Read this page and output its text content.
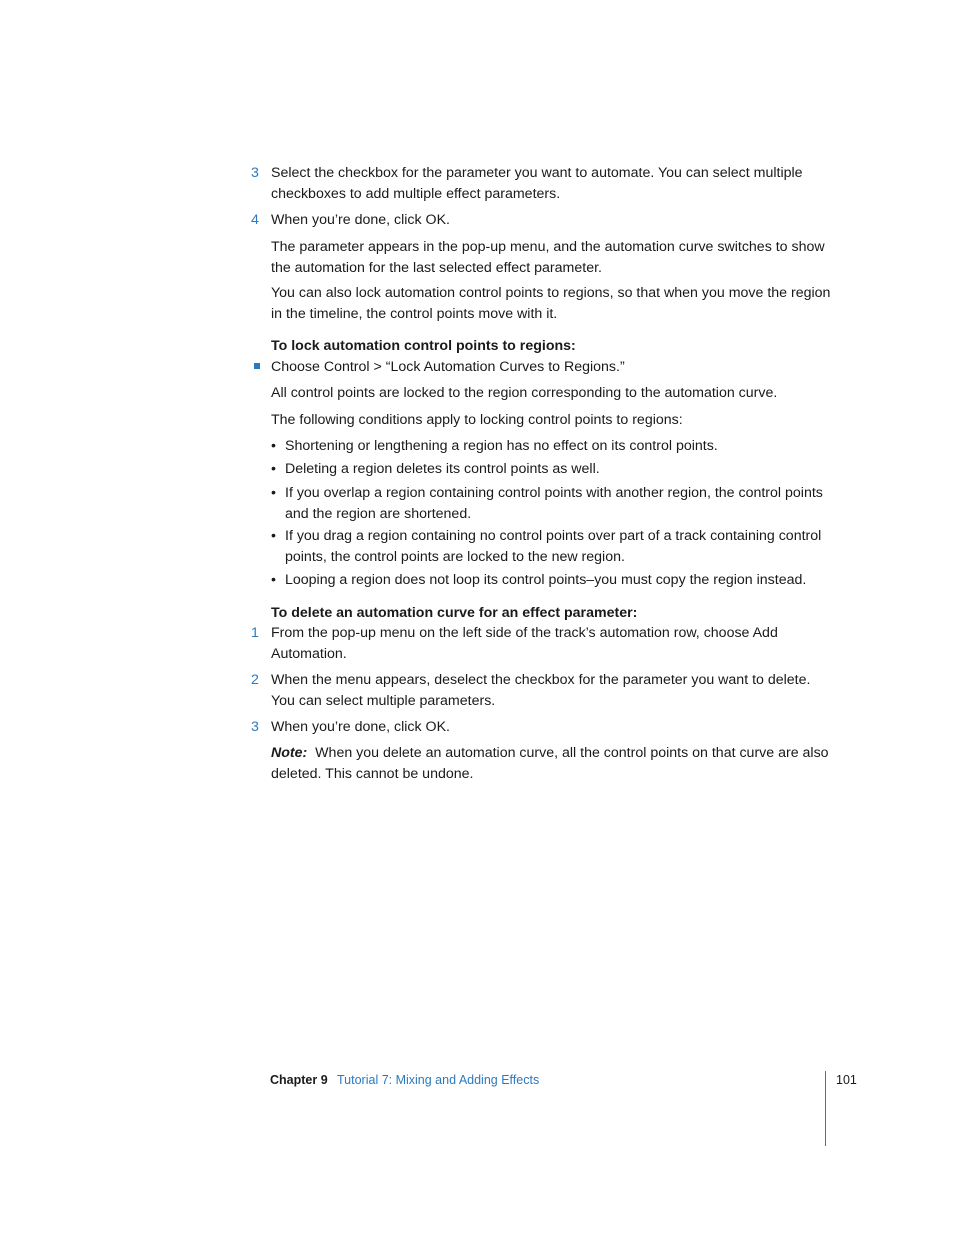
3 Select the checkbox for the parameter you want to automate. You can select multiple checkboxes to add multiple effect parameters.
4 When you’re done, click OK.
The parameter appears in the pop-up menu, and the automation curve switches to show the automation for the last selected effect parameter.
You can also lock automation control points to regions, so that when you move the region in the timeline, the control points move with it.
To lock automation control points to regions:
Choose Control > “Lock Automation Curves to Regions.”
All control points are locked to the region corresponding to the automation curve.
The following conditions apply to locking control points to regions:
• Shortening or lengthening a region has no effect on its control points.
• Deleting a region deletes its control points as well.
• If you overlap a region containing control points with another region, the control points and the region are shortened.
• If you drag a region containing no control points over part of a track containing control points, the control points are locked to the new region.
• Looping a region does not loop its control points–you must copy the region instead.
To delete an automation curve for an effect parameter:
1 From the pop-up menu on the left side of the track’s automation row, choose Add Automation.
2 When the menu appears, deselect the checkbox for the parameter you want to delete. You can select multiple parameters.
3 When you’re done, click OK.
Note: When you delete an automation curve, all the control points on that curve are also deleted. This cannot be undone.
Chapter 9 Tutorial 7: Mixing and Adding Effects	101
